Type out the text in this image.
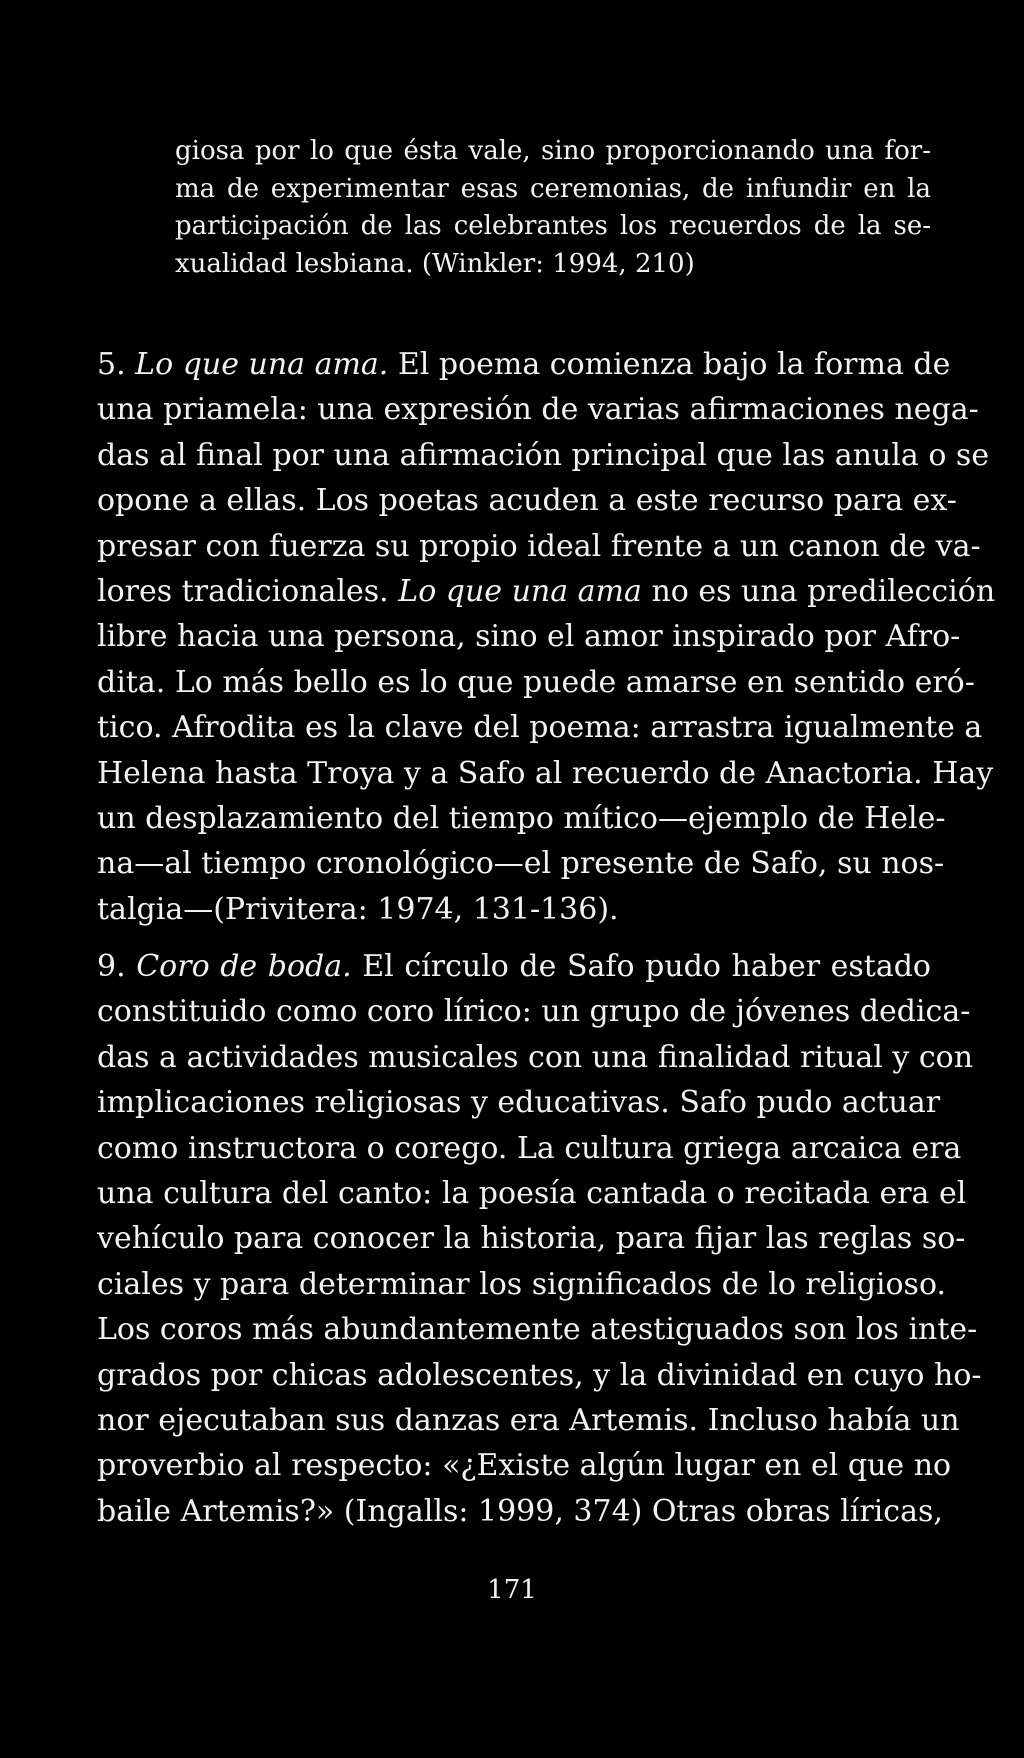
giosa por lo que ésta vale, sino proporcionando una for-
ma de experimentar esas ceremonias, de infundir en la
participación de las celebrantes los recuerdos de la se-
xualidad lesbiana. (Winkler: 1994, 210)
5. Lo que una ama. El poema comienza bajo la forma de
una priamela: una expresión de varias afirmaciones nega-
das al final por una afirmación principal que las anula o se
opone a ellas. Los poetas acuden a este recurso para ex-
presar con fuerza su propio ideal frente a un canon de va-
lores tradicionales. Lo que una ama no es una predilección
libre hacia una persona, sino el amor inspirado por Afro-
dita. Lo más bello es lo que puede amarse en sentido eró-
tico. Afrodita es la clave del poema: arrastra igualmente a
Helena hasta Troya y a Safo al recuerdo de Anactoria. Hay
un desplazamiento del tiempo mítico—ejemplo de Hele-
na—al tiempo cronológico—el presente de Safo, su nos-
talgia—(Privitera: 1974, 131-136).
9. Coro de boda. El círculo de Safo pudo haber estado
constituido como coro lírico: un grupo de jóvenes dedica-
das a actividades musicales con una finalidad ritual y con
implicaciones religiosas y educativas. Safo pudo actuar
como instructora o corego. La cultura griega arcaica era
una cultura del canto: la poesía cantada o recitada era el
vehículo para conocer la historia, para fijar las reglas so-
ciales y para determinar los significados de lo religioso.
Los coros más abundantemente atestiguados son los inte-
grados por chicas adolescentes, y la divinidad en cuyo ho-
nor ejecutaban sus danzas era Artemis. Incluso había un
proverbio al respecto: «¿Existe algún lugar en el que no
baile Artemis?» (Ingalls: 1999, 374) Otras obras líricas,
171
